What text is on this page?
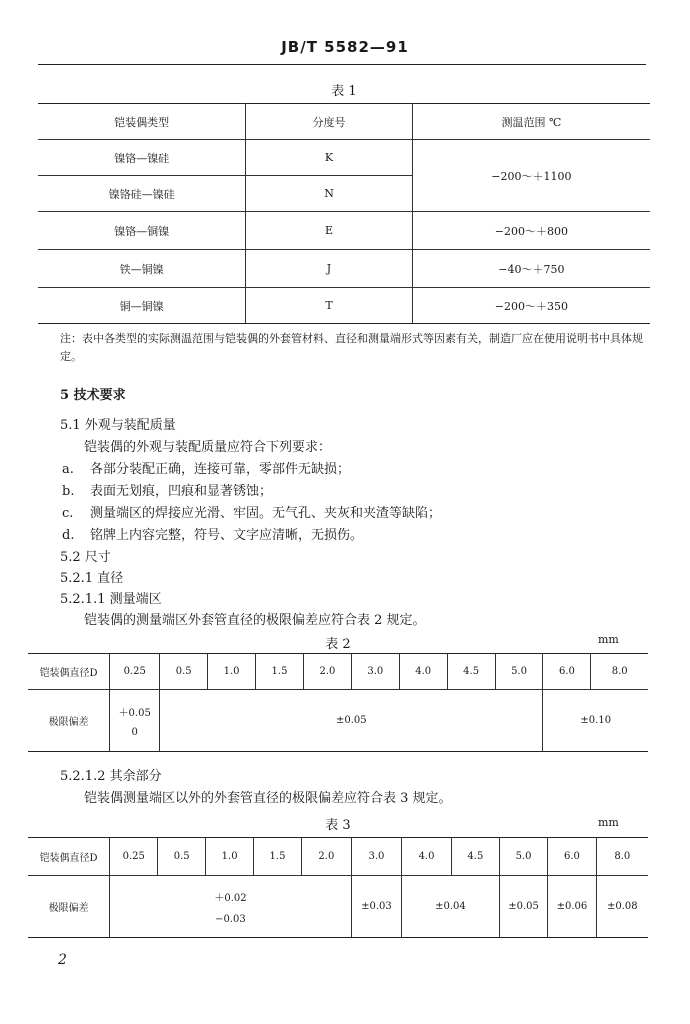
JB/T 5582—91
表 1
铠装偶类型	分度号	测温范围 ℃
镍铬—镍硅	K	−200～＋1100
镍铬硅—镍硅	N	
镍铬—铜镍	E	−200～＋800
铁—铜镍	J	−40～＋750
铜—铜镍	T	−200～＋350
注：表中各类型的实际测温范围与铠装偶的外套管材料、直径和测量端形式等因素有关，制造厂应在使用说明书中具体规定。
5 技术要求
5.1 外观与装配质量
铠装偶的外观与装配质量应符合下列要求：
a. 各部分装配正确，连接可靠，零部件无缺损；
b. 表面无划痕，凹痕和显著锈蚀；
c. 测量端区的焊接应光滑、牢固。无气孔、夹灰和夹渣等缺陷；
d. 铭牌上内容完整，符号、文字应清晰，无损伤。
5.2 尺寸
5.2.1 直径
5.2.1.1 测量端区
铠装偶的测量端区外套管直径的极限偏差应符合表 2 规定。
表 2	mm
铠装偶直径D	0.25	0.5	1.0	1.5	2.0	3.0	4.0	4.5	5.0	6.0	8.0
极限偏差	＋0.05
0	±0.05								±0.10	
5.2.1.2 其余部分
铠装偶测量端区以外的外套管直径的极限偏差应符合表 3 规定。
表 3	mm
铠装偶直径D	0.25	0.5	1.0	1.5	2.0	3.0	4.0	4.5	5.0	6.0	8.0
极限偏差	＋0.02
−0.03					±0.03	±0.04		±0.05	±0.06	±0.08
2
